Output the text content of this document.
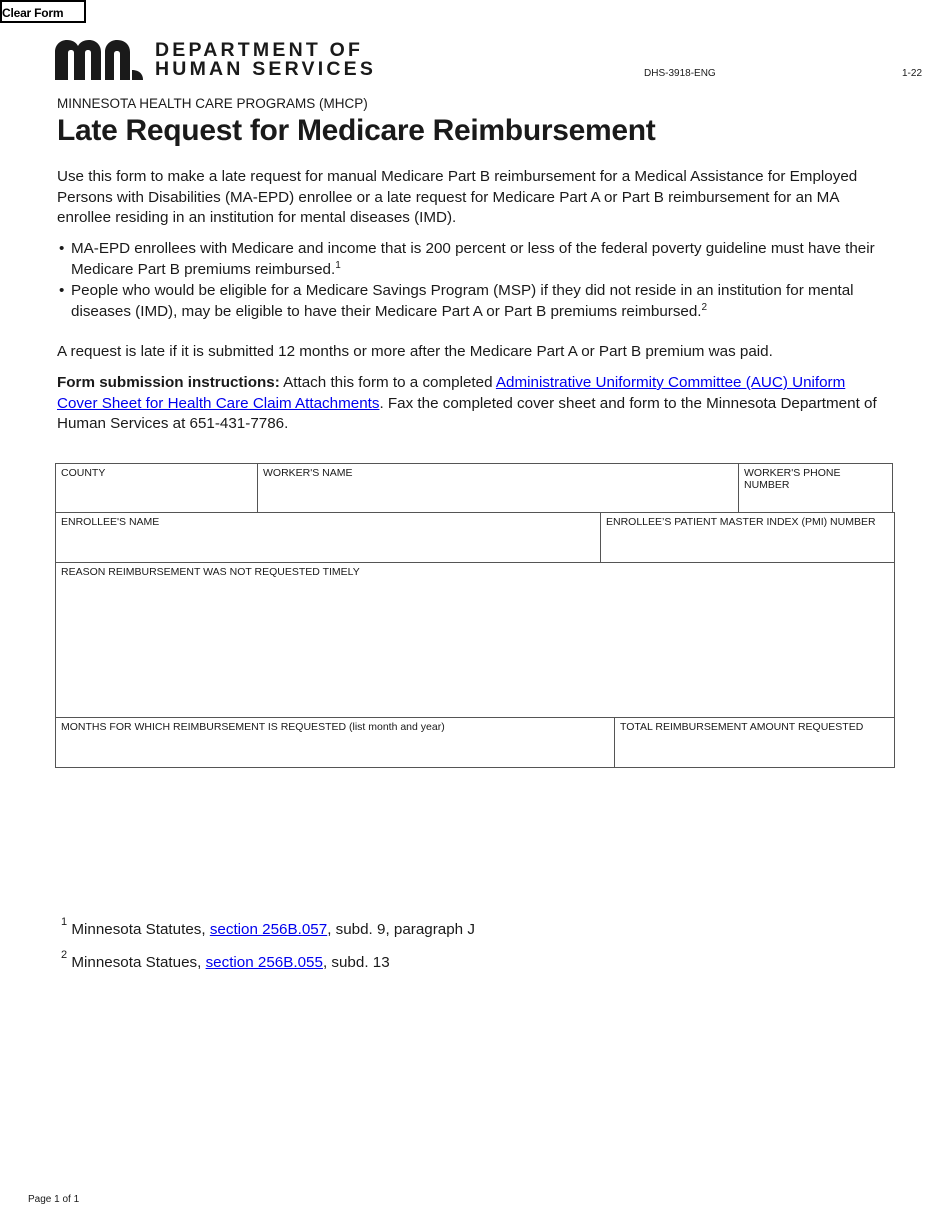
Clear Form
DEPARTMENT OF
HUMAN SERVICES	DHS-3918-ENG	1-22
MINNESOTA HEALTH CARE PROGRAMS (MHCP)
Late Request for Medicare Reimbursement
Use this form to make a late request for manual Medicare Part B reimbursement for a Medical Assistance for Employed Persons with Disabilities (MA-EPD) enrollee or a late request for Medicare Part A or Part B reimbursement for an MA enrollee residing in an institution for mental diseases (IMD).
• MA-EPD enrollees with Medicare and income that is 200 percent or less of the federal poverty guideline must have their Medicare Part B premiums reimbursed.$^1$
• People who would be eligible for a Medicare Savings Program (MSP) if they did not reside in an institution for mental diseases (IMD), may be eligible to have their Medicare Part A or Part B premiums reimbursed.$^2$
A request is late if it is submitted 12 months or more after the Medicare Part A or Part B premium was paid.
Form submission instructions: Attach this form to a completed Administrative Uniformity Committee (AUC) Uniform Cover Sheet for Health Care Claim Attachments. Fax the completed cover sheet and form to the Minnesota Department of Human Services at 651-431-7786.
COUNTY	WORKER'S NAME	WORKER'S PHONE NUMBER
ENROLLEE'S NAME	ENROLLEE’S PATIENT MASTER INDEX (PMI) NUMBER
REASON REIMBURSEMENT WAS NOT REQUESTED TIMELY
MONTHS FOR WHICH REIMBURSEMENT IS REQUESTED (list month and year)	TOTAL REIMBURSEMENT AMOUNT REQUESTED
$^1$ Minnesota Statutes, section 256B.057, subd. 9, paragraph J
$^2$ Minnesota Statues, section 256B.055, subd. 13
Page 1 of 1
